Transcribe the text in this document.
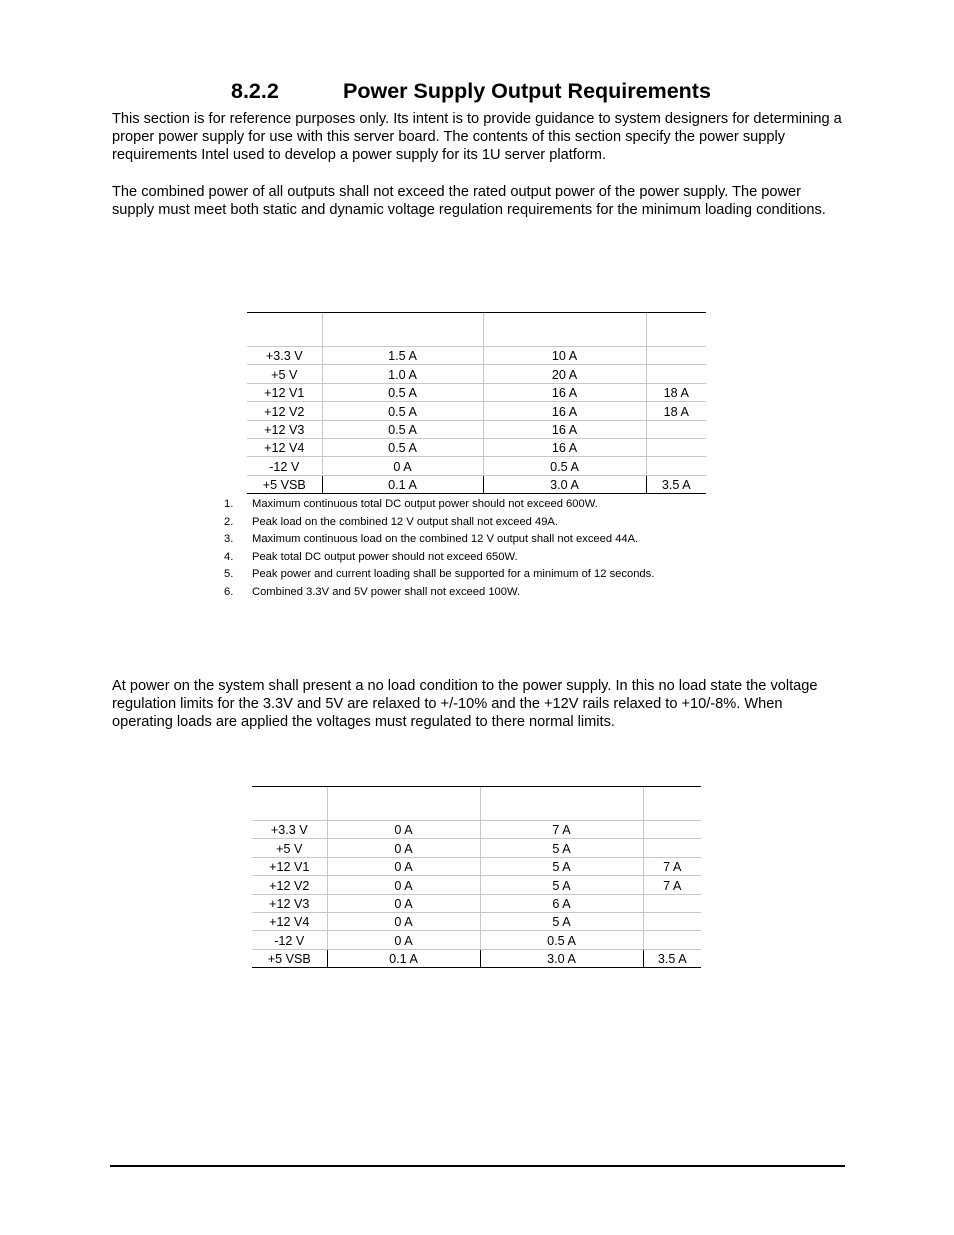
8.2.2	Power Supply Output Requirements

This section is for reference purposes only. Its intent is to provide guidance to system designers for determining a proper power supply for use with this server board. The contents of this section specify the power supply requirements Intel used to develop a power supply for its 1U server platform.

The combined power of all outputs shall not exceed the rated output power of the power supply. The power supply must meet both static and dynamic voltage regulation requirements for the minimum loading conditions.

+3.3 V	1.5 A	10 A	
+5 V	1.0 A	20 A	
+12 V1	0.5 A	16 A	18 A
+12 V2	0.5 A	16 A	18 A
+12 V3	0.5 A	16 A	
+12 V4	0.5 A	16 A	
-12 V	0 A	0.5 A	
+5 VSB	0.1 A	3.0 A	3.5 A
1. Maximum continuous total DC output power should not exceed 600W.
2. Peak load on the combined 12 V output shall not exceed 49A.
3. Maximum continuous load on the combined 12 V output shall not exceed 44A.
4. Peak total DC output power should not exceed 650W.
5. Peak power and current loading shall be supported for a minimum of 12 seconds.
6. Combined 3.3V and 5V power shall not exceed 100W.

At power on the system shall present a no load condition to the power supply. In this no load state the voltage regulation limits for the 3.3V and 5V are relaxed to +/-10% and the +12V rails relaxed to +10/-8%. When operating loads are applied the voltages must regulated to there normal limits.

+3.3 V	0 A	7 A	
+5 V	0 A	5 A	
+12 V1	0 A	5 A	7 A
+12 V2	0 A	5 A	7 A
+12 V3	0 A	6 A	
+12 V4	0 A	5 A	
-12 V	0 A	0.5 A	
+5 VSB	0.1 A	3.0 A	3.5 A
